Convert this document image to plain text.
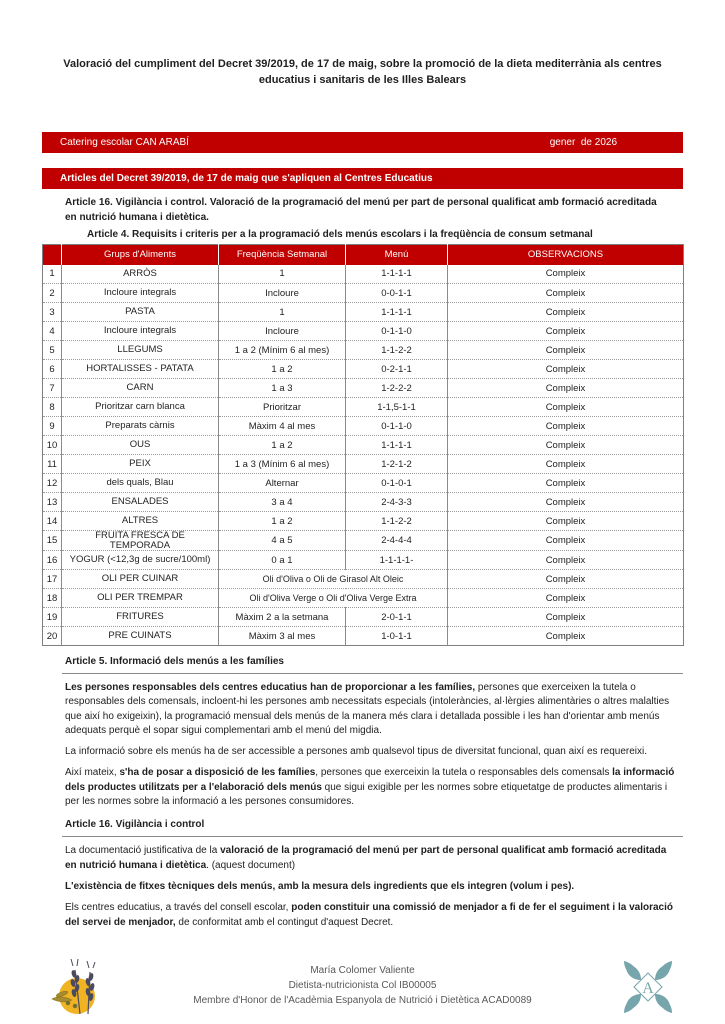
Valoració del cumpliment del Decret 39/2019, de 17 de maig, sobre la promoció de la dieta mediterrània als centres educatius i sanitaris de les Illes Balears
Catering escolar CAN ARABÍ	gener  de 2026
Articles del Decret 39/2019, de 17 de maig que s'apliquen al Centres Educatius

Article 16. Vigilància i control. Valoració de la programació del menú per part de personal qualificat amb formació acreditada en nutrició humana i dietètica.

Article 4. Requisits i criteris per a la programació dels menús escolars i la freqüència de consum setmanal

	Grups d'Aliments	Freqüència Setmanal	Menú	OBSERVACIONS
1	ARRÒS	1	1-1-1-1	Compleix
2	Incloure integrals	Incloure	0-0-1-1	Compleix
3	PASTA	1	1-1-1-1	Compleix
4	Incloure integrals	Incloure	0-1-1-0	Compleix
5	LLEGUMS	1 a 2 (Mínim 6 al mes)	1-1-2-2	Compleix
6	HORTALISSES - PATATA	1 a 2	0-2-1-1	Compleix
7	CARN	1 a 3	1-2-2-2	Compleix
8	Prioritzar carn blanca	Prioritzar	1-1,5-1-1	Compleix
9	Preparats càrnis	Màxim 4 al mes	0-1-1-0	Compleix
10	OUS	1 a 2	1-1-1-1	Compleix
11	PEIX	1 a 3 (Mínim 6 al mes)	1-2-1-2	Compleix
12	dels quals, Blau	Alternar	0-1-0-1	Compleix
13	ENSALADES	3 a 4	2-4-3-3	Compleix
14	ALTRES	1 a 2	1-1-2-2	Compleix
15	FRUITA FRESCA DE TEMPORADA	4 a 5	2-4-4-4	Compleix
16	YOGUR (<12,3g de sucre/100ml)	0 a 1	1-1-1-1-	Compleix
17	OLI PER CUINAR	Oli d'Oliva o Oli de Girasol Alt Oleic		Compleix
18	OLI PER TREMPAR	Oli d'Oliva Verge o Oli d'Oliva Verge Extra		Compleix
19	FRITURES	Màxim 2 a la setmana	2-0-1-1	Compleix
20	PRE CUINATS	Màxim 3 al mes	1-0-1-1	Compleix
Article 5. Informació dels menús a les famílies

Les persones responsables dels centres educatius han de proporcionar a les famílies, persones que exerceixen la tutela o responsables dels comensals, incloent-hi les persones amb necessitats especials (intoleràncies, al·lèrgies alimentàries o altres malalties que així ho exigeixin), la programació mensual dels menús de la manera més clara i detallada possible i les han d'orientar amb menús adequats perquè el sopar sigui complementari amb el menú del migdia.

La informació sobre els menús ha de ser accessible a persones amb qualsevol tipus de diversitat funcional, quan així es requereixi.

Així mateix, s'ha de posar a disposició de les famílies, persones que exerceixin la tutela o responsables dels comensals la informació dels productes utilitzats per a l'elaboració dels menús que sigui exigible per les normes sobre etiquetatge de productes alimentaris i per les normes sobre la informació a les persones consumidores.

Article 16. Vigilància i control

La documentació justificativa de la valoració de la programació del menú per part de personal qualificat amb formació acreditada en nutrició humana i dietètica. (aquest document)

L'existència de fitxes tècniques dels menús, amb la mesura dels ingredients que els integren (volum i pes).

Els centres educatius, a través del consell escolar, poden constituir una comissió de menjador a fi de fer el seguiment i la valoració del servei de menjador, de conformitat amb el contingut d'aquest Decret.

María Colomer Valiente
Dietista-nutricionista Col IB00005
Membre d'Honor de l'Acadèmia Espanyola de Nutrició i Dietètica ACAD0089
A
